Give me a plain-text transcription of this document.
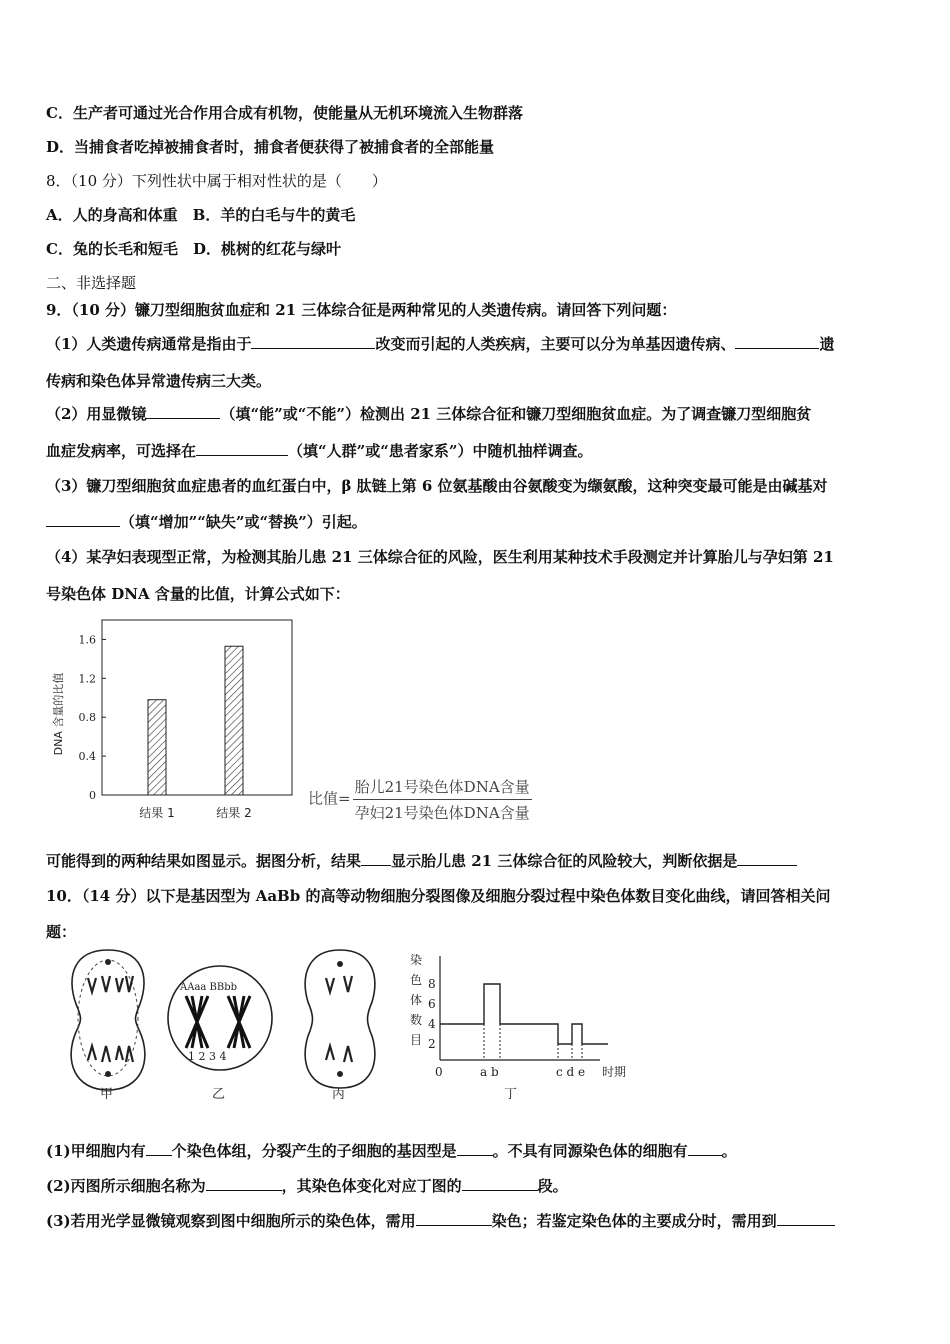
C．生产者可通过光合作用合成有机物，使能量从无机环境流入生物群落
D．当捕食者吃掉被捕食者时，捕食者便获得了被捕食者的全部能量
8．（10 分）下列性状中属于相对性状的是（　　）
A．人的身高和体重　B．羊的白毛与牛的黄毛
C．兔的长毛和短毛　D．桃树的红花与绿叶
二、非选择题
9．（10 分）镰刀型细胞贫血症和 21 三体综合征是两种常见的人类遗传病。请回答下列问题：
（1）人类遗传病通常是指由于	改变而引起的人类疾病，主要可以分为单基因遗传病、	遗
传病和染色体异常遗传病三大类。
（2）用显微镜	（填“能”或“不能”）检测出 21 三体综合征和镰刀型细胞贫血症。为了调查镰刀型细胞贫
血症发病率，可选择在	（填“人群”或“患者家系”）中随机抽样调查。
（3）镰刀型细胞贫血症患者的血红蛋白中，β 肽链上第 6 位氨基酸由谷氨酸变为缬氨酸，这种突变最可能是由碱基对
（填“增加”“缺失”或“替换”）引起。
（4）某孕妇表现型正常，为检测其胎儿患 21 三体综合征的风险，医生利用某种技术手段测定并计算胎儿与孕妇第 21
号染色体 DNA 含量的比值，计算公式如下：
DNA 含量的比值
0
0.4
0.8
1.2
1.6
结果 1	结果 2
比值= $\frac{\text{胎儿21号染色体DNA含量}}{\text{孕妇21号染色体DNA含量}}$
可能得到的两种结果如图显示。据图分析，结果 显示胎儿患 21 三体综合征的风险较大，判断依据是
10．（14 分）以下是基因型为 AaBb 的高等动物细胞分裂图像及细胞分裂过程中染色体数目变化曲线，请回答相关问
题：
甲
AAaa BBbb
1 2 3 4
乙	丙
染
色
体
数
目
8
6
4
2
0	a b	c d e 时期
丁
(1)甲细胞内有 个染色体组，分裂产生的子细胞的基因型是 。不具有同源染色体的细胞有 。
(2)丙图所示细胞名称为	，其染色体变化对应丁图的	段。
(3)若用光学显微镜观察到图中细胞所示的染色体，需用	染色；若鉴定染色体的主要成分时，需用到
